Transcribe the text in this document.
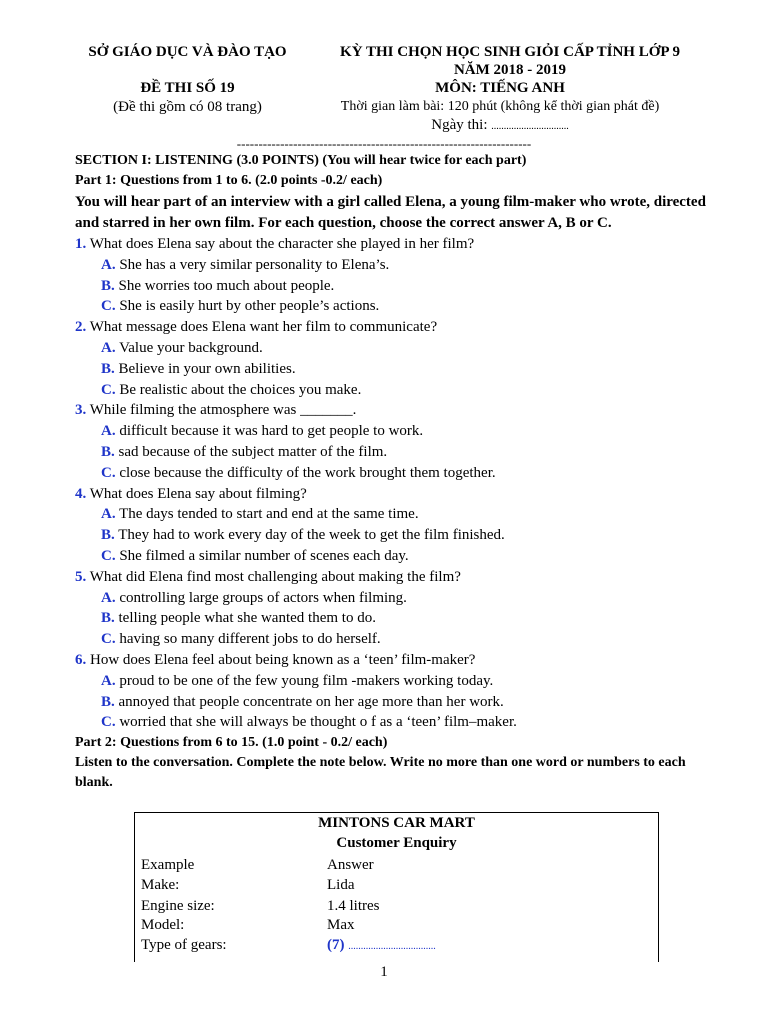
SỞ GIÁO DỤC VÀ ĐÀO TẠO	KỲ THI CHỌN HỌC SINH GIỎI CẤP TỈNH LỚP 9
NĂM 2018 - 2019
ĐỀ THI SỐ 19	MÔN: TIẾNG ANH
(Đề thi gồm có 08 trang)	Thời gian làm bài: 120 phút (không kể thời gian phát đề)
Ngày thi: ...............................
--------------------------------------------------------------------
SECTION I: LISTENING (3.0 POINTS) (You will hear twice for each part)
Part 1: Questions from 1 to 6. (2.0 points -0.2/ each)
You will hear part of an interview with a girl called Elena, a young film-maker who wrote, directed and starred in her own film. For each question, choose the correct answer A, B or C.
1. What does Elena say about the character she played in her film?
A. She has a very similar personality to Elena’s.
B. She worries too much about people.
C. She is easily hurt by other people’s actions.
2. What message does Elena want her film to communicate?
A. Value your background.
B. Believe in your own abilities.
C. Be realistic about the choices you make.
3. While filming the atmosphere was _______.
A. difficult because it was hard to get people to work.
B. sad because of the subject matter of the film.
C. close because the difficulty of the work brought them together.
4. What does Elena say about filming?
A. The days tended to start and end at the same time.
B. They had to work every day of the week to get the film finished.
C. She filmed a similar number of scenes each day.
5. What did Elena find most challenging about making the film?
A. controlling large groups of actors when filming.
B. telling people what she wanted them to do.
C. having so many different jobs to do herself.
6. How does Elena feel about being known as a ‘teen’ film-maker?
A. proud to be one of the few young film -makers working today.
B. annoyed that people concentrate on her age more than her work.
C. worried that she will always be thought o f as a ‘teen’ film–maker.
Part 2: Questions from 6 to 15. (1.0 point - 0.2/ each)
Listen to the conversation. Complete the note below. Write no more than one word or numbers to each blank.
MINTONS CAR MART
Customer Enquiry
Example	Answer
Make:	Lida
Engine size:	1.4 litres
Model:	Max
Type of gears:	(7) ...................................
1
